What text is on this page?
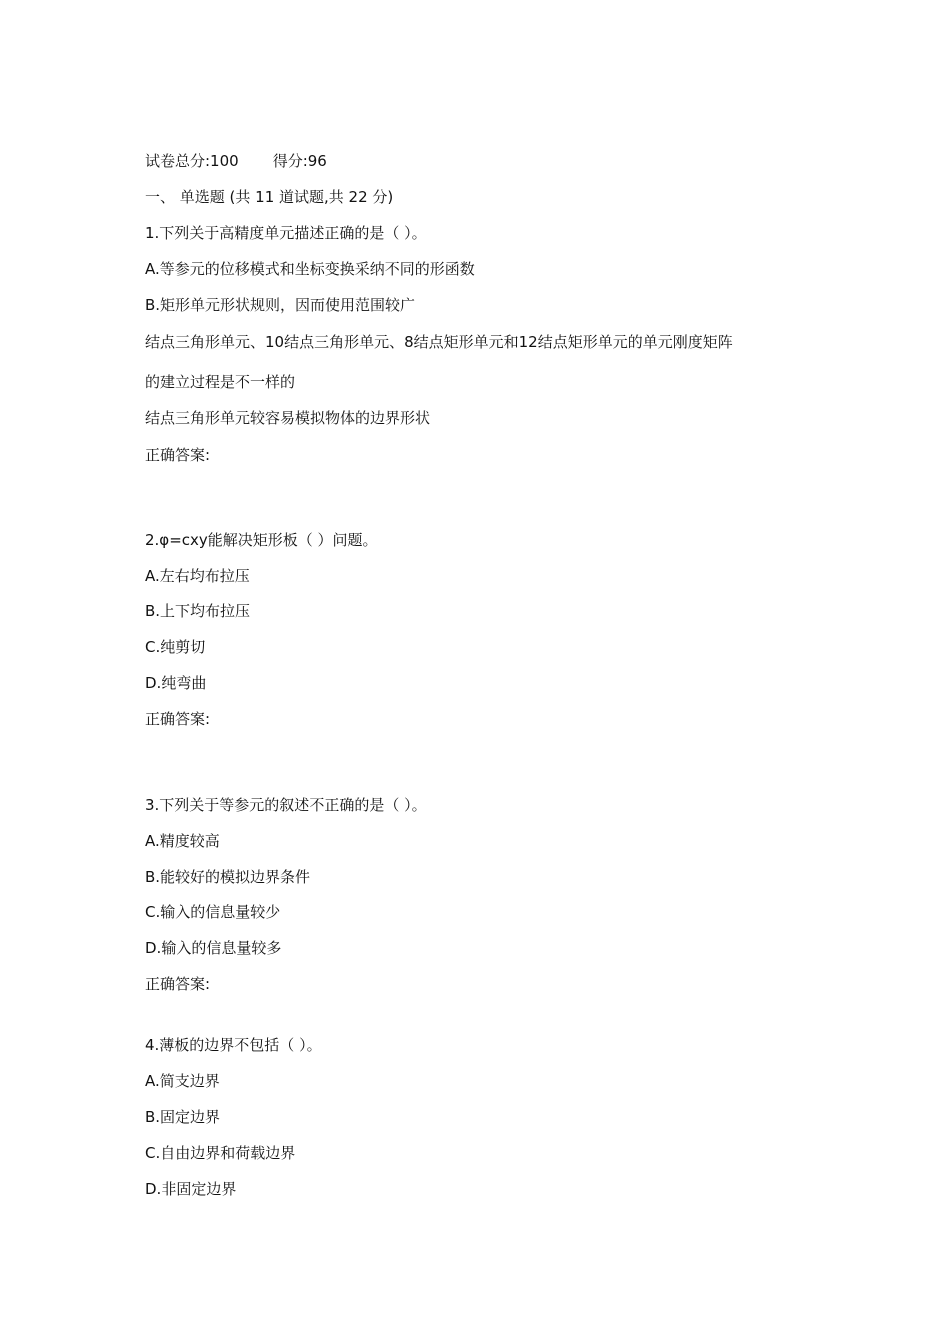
试卷总分:100 得分:96
一、 单选题 (共 11 道试题,共 22 分)
1.下列关于高精度单元描述正确的是（ ）。
A.等参元的位移模式和坐标变换采纳不同的形函数
B.矩形单元形状规则，因而使用范围较广
结点三角形单元、10结点三角形单元、8结点矩形单元和12结点矩形单元的单元刚度矩阵
的建立过程是不一样的
结点三角形单元较容易模拟物体的边界形状
正确答案:
2.φ=cxy能解决矩形板（ ）问题。
A.左右均布拉压
B.上下均布拉压
C.纯剪切
D.纯弯曲
正确答案:
3.下列关于等参元的叙述不正确的是（ ）。
A.精度较高
B.能较好的模拟边界条件
C.输入的信息量较少
D.输入的信息量较多
正确答案:
4.薄板的边界不包括（ ）。
A.简支边界
B.固定边界
C.自由边界和荷载边界
D.非固定边界
